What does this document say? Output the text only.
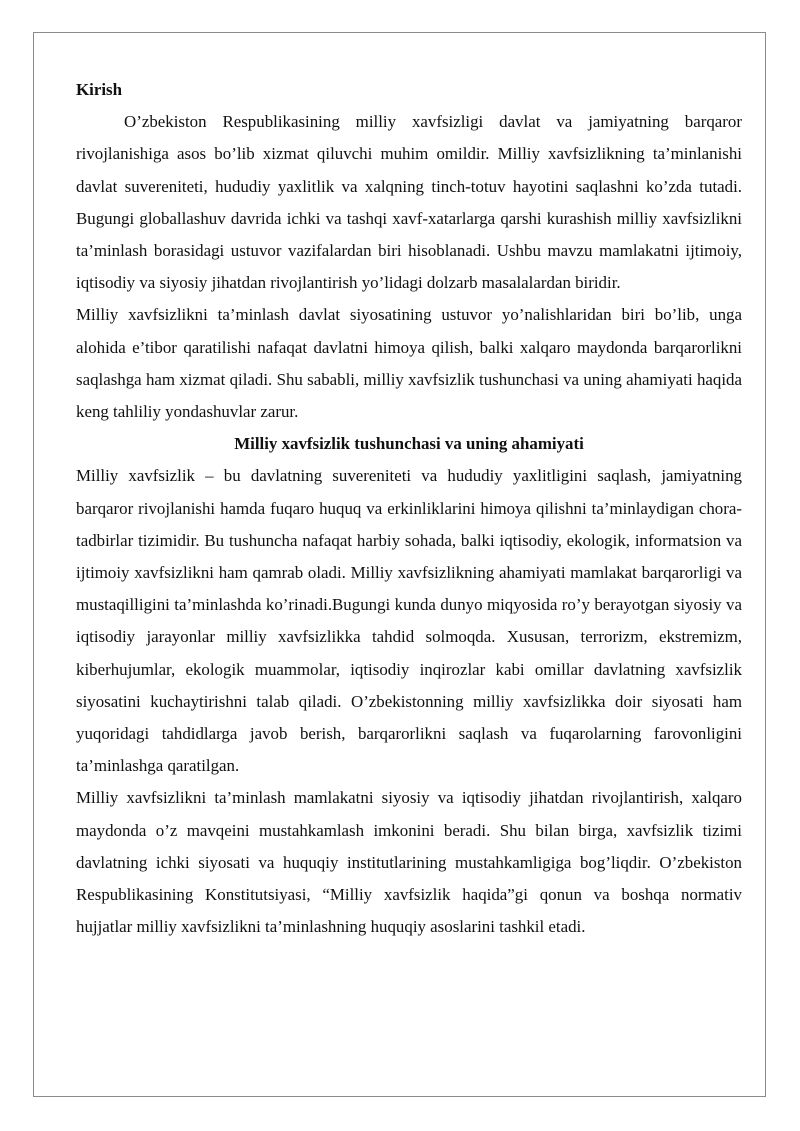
Kirish

O’zbekiston Respublikasining milliy xavfsizligi davlat va jamiyatning barqaror rivojlanishiga asos bo’lib xizmat qiluvchi muhim omildir. Milliy xavfsizlikning ta’minlanishi davlat suvereniteti, hududiy yaxlitlik va xalqning tinch-totuv hayotini saqlashni ko’zda tutadi. Bugungi globallashuv davrida ichki va tashqi xavf-xatarlarga qarshi kurashish milliy xavfsizlikni ta’minlash borasidagi ustuvor vazifalardan biri hisoblanadi. Ushbu mavzu mamlakatni ijtimoiy, iqtisodiy va siyosiy jihatdan rivojlantirish yo’lidagi dolzarb masalalardan biridir.

Milliy xavfsizlikni ta’minlash davlat siyosatining ustuvor yo’nalishlaridan biri bo’lib, unga alohida e’tibor qaratilishi nafaqat davlatni himoya qilish, balki xalqaro maydonda barqarorlikni saqlashga ham xizmat qiladi. Shu sababli, milliy xavfsizlik tushunchasi va uning ahamiyati haqida keng tahliliy yondashuvlar zarur.

Milliy xavfsizlik tushunchasi va uning ahamiyati

Milliy xavfsizlik – bu davlatning suvereniteti va hududiy yaxlitligini saqlash, jamiyatning barqaror rivojlanishi hamda fuqaro huquq va erkinliklarini himoya qilishni ta’minlaydigan chora-tadbirlar tizimidir. Bu tushuncha nafaqat harbiy sohada, balki iqtisodiy, ekologik, informatsion va ijtimoiy xavfsizlikni ham qamrab oladi. Milliy xavfsizlikning ahamiyati mamlakat barqarorligi va mustaqilligini ta’minlashda ko’rinadi.Bugungi kunda dunyo miqyosida ro’y berayotgan siyosiy va iqtisodiy jarayonlar milliy xavfsizlikka tahdid solmoqda. Xususan, terrorizm, ekstremizm, kiberhujumlar, ekologik muammolar, iqtisodiy inqirozlar kabi omillar davlatning xavfsizlik siyosatini kuchaytirishni talab qiladi. O’zbekistonning milliy xavfsizlikka doir siyosati ham yuqoridagi tahdidlarga javob berish, barqarorlikni saqlash va fuqarolarning farovonligini ta’minlashga qaratilgan.

Milliy xavfsizlikni ta’minlash mamlakatni siyosiy va iqtisodiy jihatdan rivojlantirish, xalqaro maydonda o’z mavqeini mustahkamlash imkonini beradi. Shu bilan birga, xavfsizlik tizimi davlatning ichki siyosati va huquqiy institutlarining mustahkamligiga bog’liqdir. O’zbekiston Respublikasining Konstitutsiyasi, “Milliy xavfsizlik haqida”gi qonun va boshqa normativ hujjatlar milliy xavfsizlikni ta’minlashning huquqiy asoslarini tashkil etadi.
